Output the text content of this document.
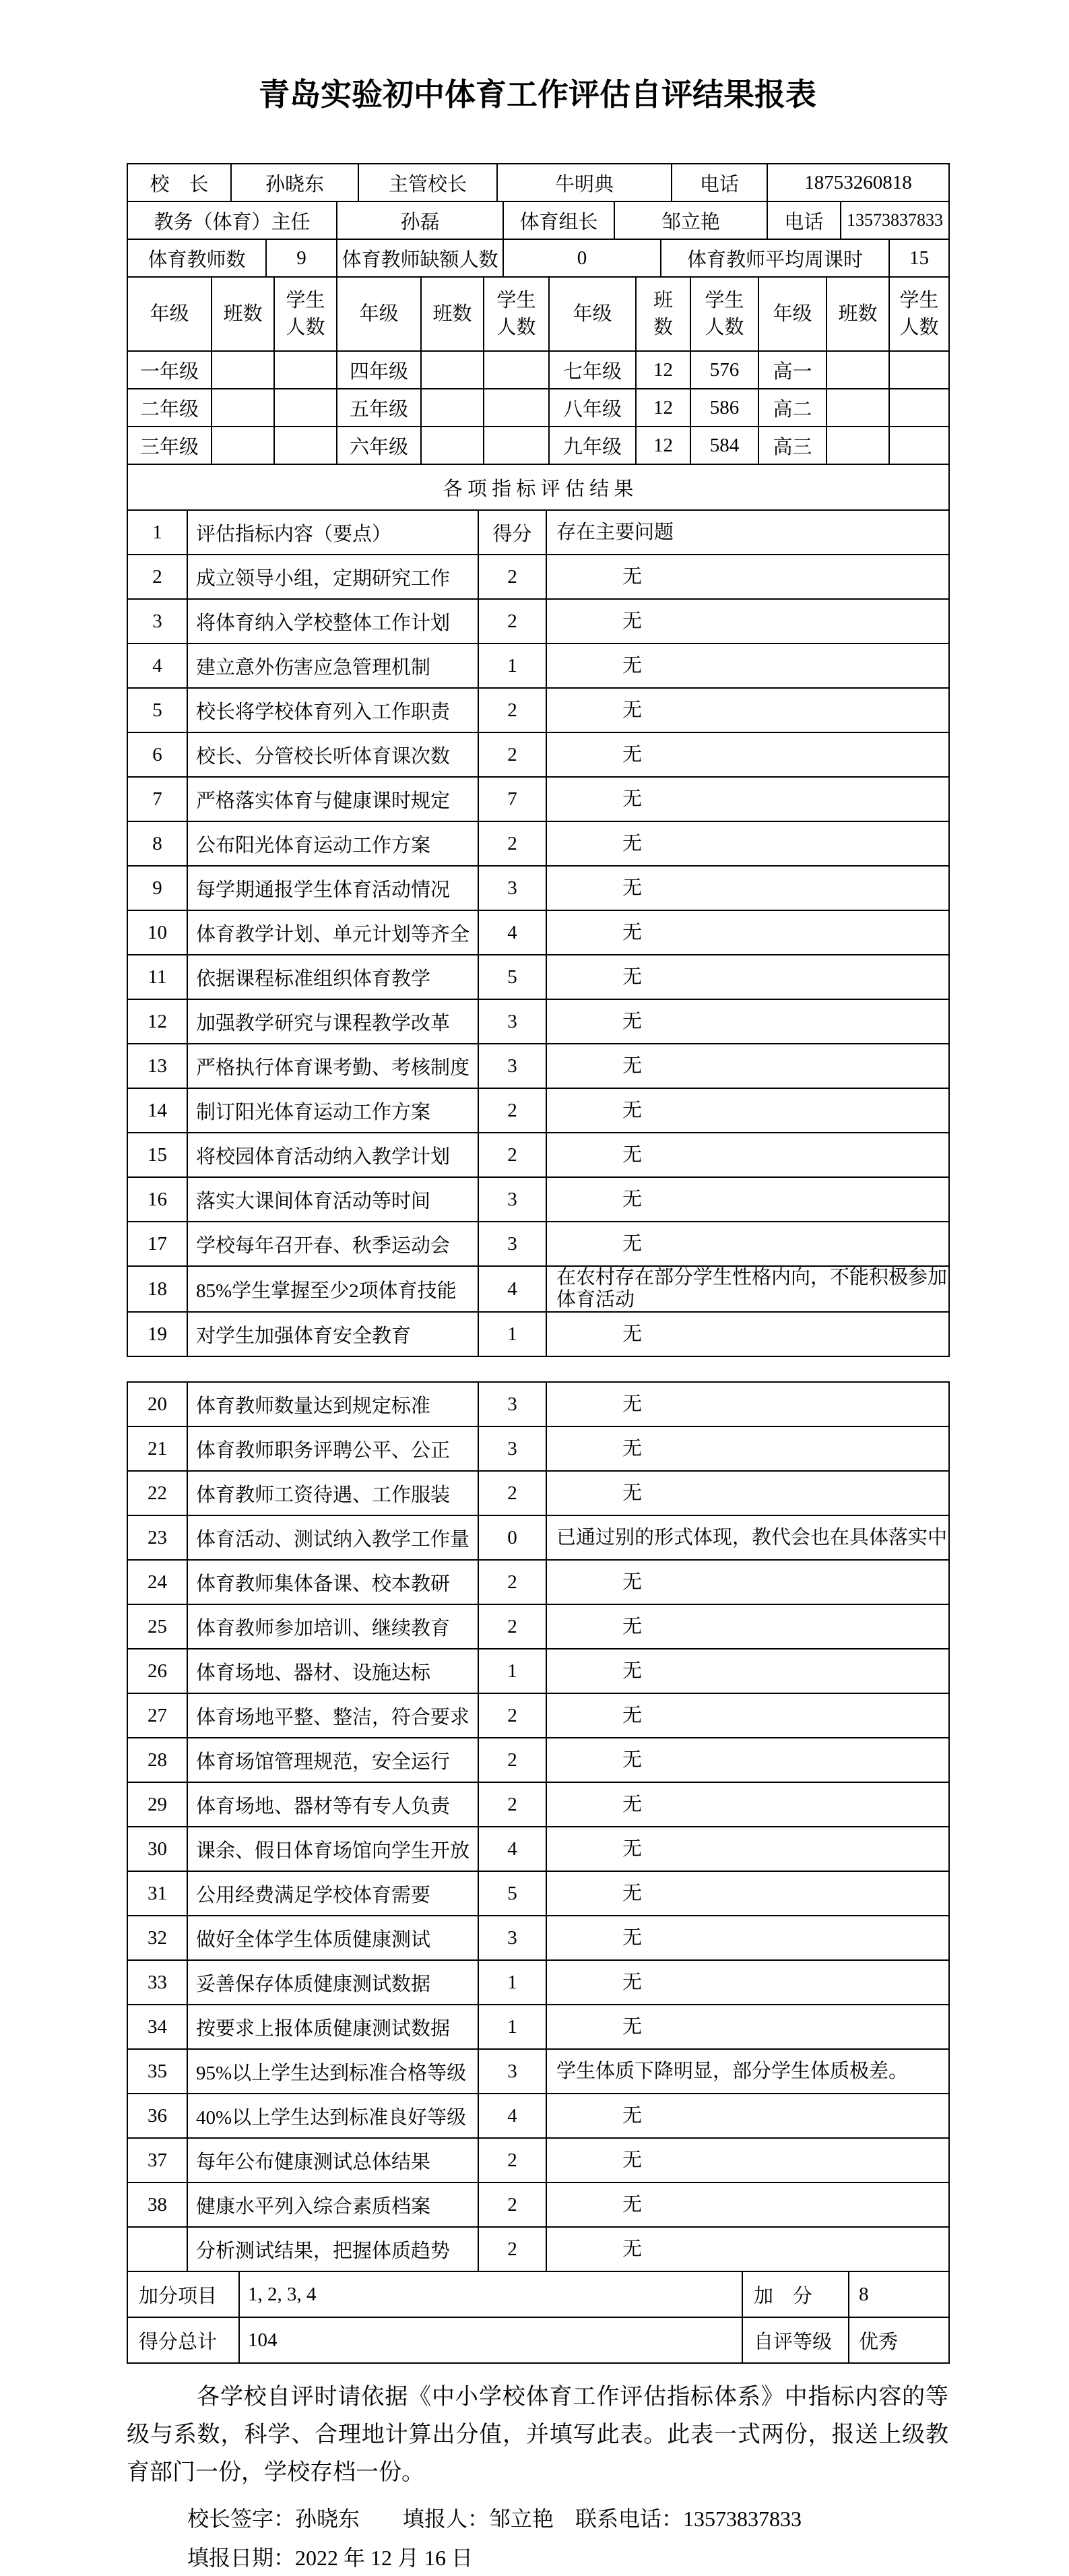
青岛实验初中体育工作评估自评结果报表
校　长	孙晓东	主管校长	牛明典	电话	18753260818
教务（体育）主任	孙磊	体育组长	邹立艳	电话	13573837833
体育教师数	9	体育教师缺额人数	0	体育教师平均周课时	15
年级	班数	学生人数	年级	班数	学生人数	年级	班数	学生人数	年级	班数	学生人数
一年级			四年级			七年级	12	576	高一		
二年级			五年级			八年级	12	586	高二		
三年级			六年级			九年级	12	584	高三		
各 项 指 标 评 估 结 果
1	评估指标内容（要点）	得分	存在主要问题
2	成立领导小组，定期研究工作	2	无
3	将体育纳入学校整体工作计划	2	无
4	建立意外伤害应急管理机制	1	无
5	校长将学校体育列入工作职责	2	无
6	校长、分管校长听体育课次数	2	无
7	严格落实体育与健康课时规定	7	无
8	公布阳光体育运动工作方案	2	无
9	每学期通报学生体育活动情况	3	无
10	体育教学计划、单元计划等齐全	4	无
11	依据课程标准组织体育教学	5	无
12	加强教学研究与课程教学改革	3	无
13	严格执行体育课考勤、考核制度	3	无
14	制订阳光体育运动工作方案	2	无
15	将校园体育活动纳入教学计划	2	无
16	落实大课间体育活动等时间	3	无
17	学校每年召开春、秋季运动会	3	无
18	85%学生掌握至少2项体育技能	4	在农村存在部分学生性格内向，不能积极参加体育活动
19	对学生加强体育安全教育	1	无
20	体育教师数量达到规定标准	3	无
21	体育教师职务评聘公平、公正	3	无
22	体育教师工资待遇、工作服装	2	无
23	体育活动、测试纳入教学工作量	0	已通过别的形式体现，教代会也在具体落实中
24	体育教师集体备课、校本教研	2	无
25	体育教师参加培训、继续教育	2	无
26	体育场地、器材、设施达标	1	无
27	体育场地平整、整洁，符合要求	2	无
28	体育场馆管理规范，安全运行	2	无
29	体育场地、器材等有专人负责	2	无
30	课余、假日体育场馆向学生开放	4	无
31	公用经费满足学校体育需要	5	无
32	做好全体学生体质健康测试	3	无
33	妥善保存体质健康测试数据	1	无
34	按要求上报体质健康测试数据	1	无
35	95%以上学生达到标准合格等级	3	学生体质下降明显，部分学生体质极差。
36	40%以上学生达到标准良好等级	4	无
37	每年公布健康测试总体结果	2	无
38	健康水平列入综合素质档案	2	无
	分析测试结果，把握体质趋势	2	无
加分项目	1, 2, 3, 4	加　分	8
得分总计	104	自评等级	优秀
各学校自评时请依据《中小学校体育工作评估指标体系》中指标内容的等级与系数，科学、合理地计算出分值，并填写此表。此表一式两份，报送上级教育部门一份，学校存档一份。
校长签字：孙晓东　　填报人：邹立艳　联系电话：13573837833
填报日期：2022 年 12 月 16 日
